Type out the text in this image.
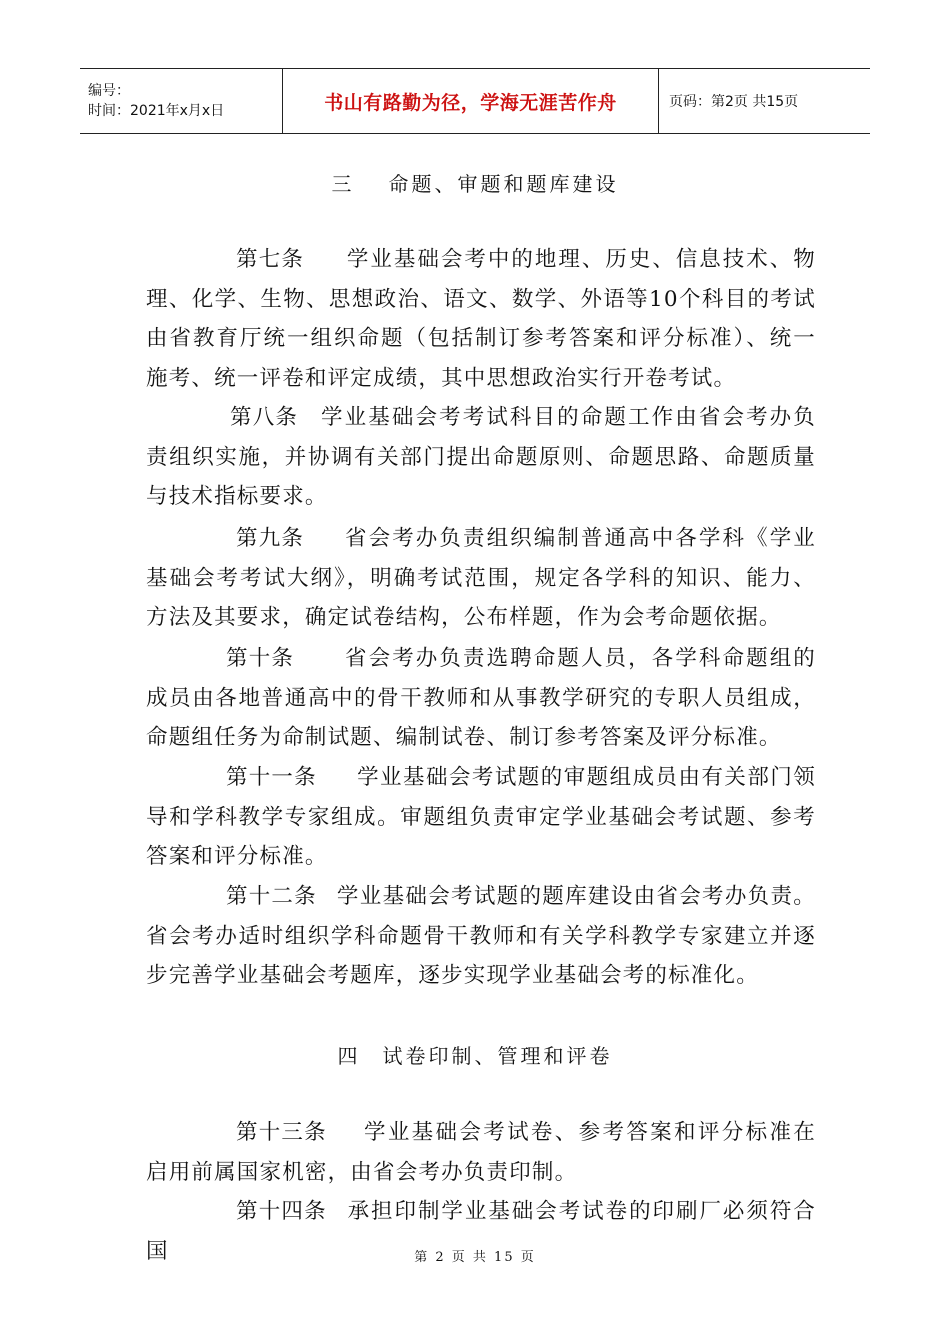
编号：
时间：2021年x月x日	书山有路勤为径，学海无涯苦作舟	页码：第2页 共15页
三 命题、审题和题库建设
第七条 学业基础会考中的地理、历史、信息技术、物理、化学、生物、思想政治、语文、数学、外语等10个科目的考试由省教育厅统一组织命题（包括制订参考答案和评分标准）、统一施考、统一评卷和评定成绩，其中思想政治实行开卷考试。
第八条 学业基础会考考试科目的命题工作由省会考办负责组织实施，并协调有关部门提出命题原则、命题思路、命题质量与技术指标要求。
第九条 省会考办负责组织编制普通高中各学科《学业基础会考考试大纲》，明确考试范围，规定各学科的知识、能力、方法及其要求，确定试卷结构，公布样题，作为会考命题依据。
第十条 省会考办负责选聘命题人员，各学科命题组的成员由各地普通高中的骨干教师和从事教学研究的专职人员组成，命题组任务为命制试题、编制试卷、制订参考答案及评分标准。
第十一条 学业基础会考试题的审题组成员由有关部门领导和学科教学专家组成。审题组负责审定学业基础会考试题、参考答案和评分标准。
第十二条 学业基础会考试题的题库建设由省会考办负责。省会考办适时组织学科命题骨干教师和有关学科教学专家建立并逐步完善学业基础会考题库，逐步实现学业基础会考的标准化。
四 试卷印制、管理和评卷
第十三条 学业基础会考试卷、参考答案和评分标准在启用前属国家机密，由省会考办负责印制。
第十四条 承担印制学业基础会考试卷的印刷厂必须符合国	第 2 页 共 15 页
